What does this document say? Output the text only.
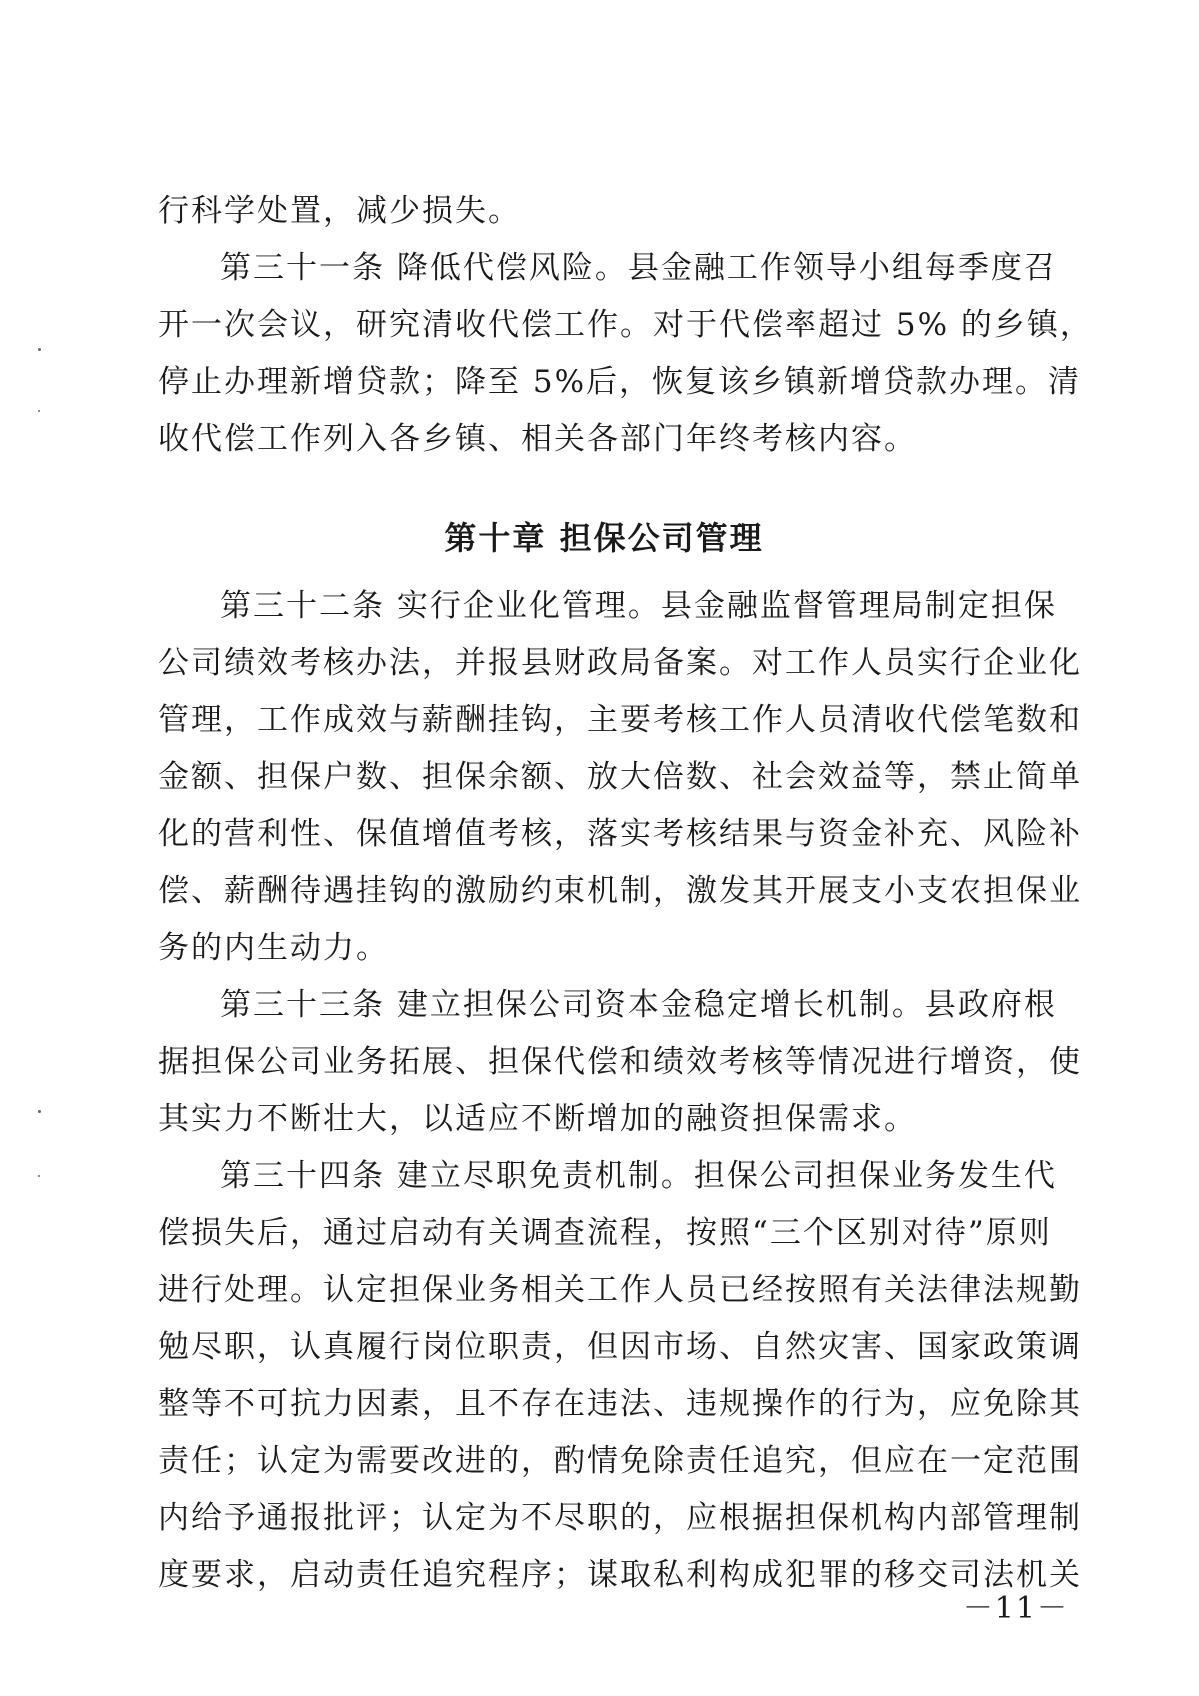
行科学处置，减少损失。
第三十一条 降低代偿风险。县金融工作领导小组每季度召
开一次会议，研究清收代偿工作。对于代偿率超过 5% 的乡镇，
停止办理新增贷款；降至 5%后，恢复该乡镇新增贷款办理。清
收代偿工作列入各乡镇、相关各部门年终考核内容。
第十章 担保公司管理
第三十二条 实行企业化管理。县金融监督管理局制定担保
公司绩效考核办法，并报县财政局备案。对工作人员实行企业化
管理，工作成效与薪酬挂钩，主要考核工作人员清收代偿笔数和
金额、担保户数、担保余额、放大倍数、社会效益等，禁止简单
化的营利性、保值增值考核，落实考核结果与资金补充、风险补
偿、薪酬待遇挂钩的激励约束机制，激发其开展支小支农担保业
务的内生动力。
第三十三条 建立担保公司资本金稳定增长机制。县政府根
据担保公司业务拓展、担保代偿和绩效考核等情况进行增资，使
其实力不断壮大，以适应不断增加的融资担保需求。
第三十四条 建立尽职免责机制。担保公司担保业务发生代
偿损失后，通过启动有关调查流程，按照“三个区别对待”原则
进行处理。认定担保业务相关工作人员已经按照有关法律法规勤
勉尽职，认真履行岗位职责，但因市场、自然灾害、国家政策调
整等不可抗力因素，且不存在违法、违规操作的行为，应免除其
责任；认定为需要改进的，酌情免除责任追究，但应在一定范围
内给予通报批评；认定为不尽职的，应根据担保机构内部管理制
度要求，启动责任追究程序；谋取私利构成犯罪的移交司法机关
－11－
